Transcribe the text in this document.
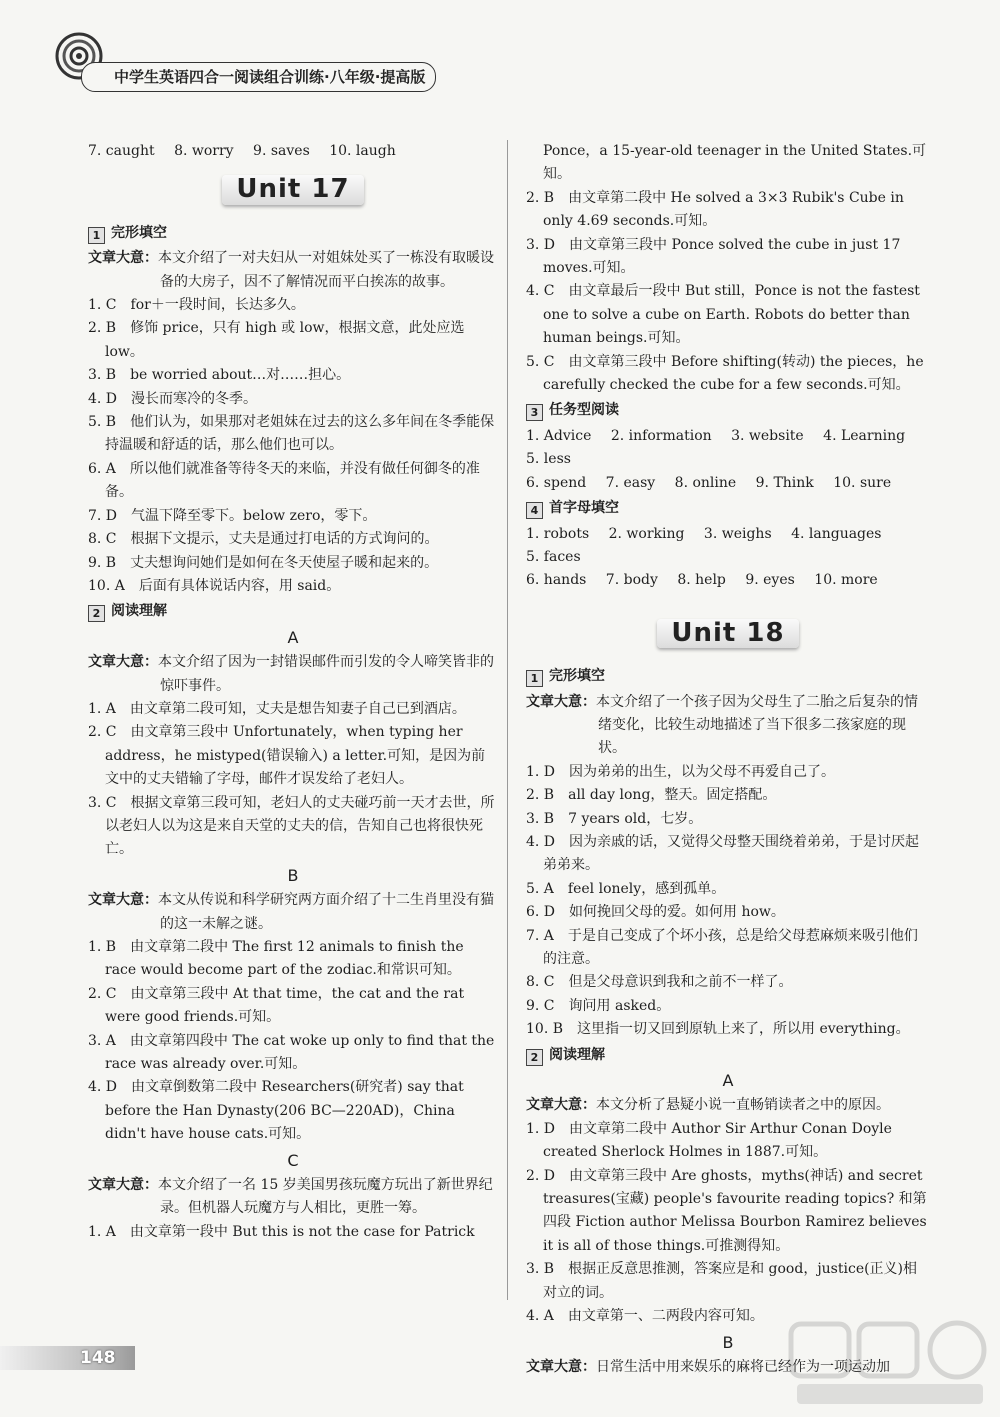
中学生英语四合一阅读组合训练·八年级·提高版

7. caught 8. worry 9. saves 10. laugh

Unit 17
1 完形填空

文章大意：本文介绍了一对夫妇从一对姐妹处买了一栋没有取暖设备的大房子，因不了解情况而平白挨冻的故事。

1. C　for＋一段时间，长达多久。

2. B　修饰 price，只有 high 或 low，根据文意，此处应选 low。

3. B　be worried about…对……担心。

4. D　漫长而寒冷的冬季。

5. B　他们认为，如果那对老姐妹在过去的这么多年间在冬季能保持温暖和舒适的话，那么他们也可以。

6. A　所以他们就准备等待冬天的来临，并没有做任何御冬的准备。

7. D　气温下降至零下。below zero，零下。

8. C　根据下文提示，丈夫是通过打电话的方式询问的。

9. B　丈夫想询问她们是如何在冬天使屋子暖和起来的。

10. A　后面有具体说话内容，用 said。

2 阅读理解
A

文章大意：本文介绍了因为一封错误邮件而引发的令人啼笑皆非的惊吓事件。

1. A　由文章第二段可知，丈夫是想告知妻子自己已到酒店。

2. C　由文章第三段中 Unfortunately，when typing her address，he mistyped(错误输入) a letter.可知，是因为前文中的丈夫错输了字母，邮件才误发给了老妇人。

3. C　根据文章第三段可知，老妇人的丈夫碰巧前一天才去世，所以老妇人以为这是来自天堂的丈夫的信，告知自己也将很快死亡。

B

文章大意：本文从传说和科学研究两方面介绍了十二生肖里没有猫的这一未解之谜。

1. B　由文章第二段中 The first 12 animals to finish the race would become part of the zodiac.和常识可知。

2. C　由文章第三段中 At that time，the cat and the rat were good friends.可知。

3. A　由文章第四段中 The cat woke up only to find that the race was already over.可知。

4. D　由文章倒数第二段中 Researchers(研究者) say that before the Han Dynasty(206 BC—220AD)，China didn't have house cats.可知。

C

文章大意：本文介绍了一名 15 岁美国男孩玩魔方玩出了新世界纪录。但机器人玩魔方与人相比，更胜一筹。

1. A　由文章第一段中 But this is not the case for Patrick

Ponce，a 15-year-old teenager in the United States.可知。

2. B　由文章第二段中 He solved a 3×3 Rubik's Cube in only 4.69 seconds.可知。

3. D　由文章第三段中 Ponce solved the cube in just 17 moves.可知。

4. C　由文章最后一段中 But still，Ponce is not the fastest one to solve a cube on Earth. Robots do better than human beings.可知。

5. C　由文章第三段中 Before shifting(转动) the pieces，he carefully checked the cube for a few seconds.可知。

3 任务型阅读

1. Advice 2. information 3. website 4. Learning 5. less

6. spend 7. easy 8. online 9. Think 10. sure

4 首字母填空

1. robots 2. working 3. weighs 4. languages 5. faces

6. hands 7. body 8. help 9. eyes 10. more

Unit 18
1 完形填空

文章大意：本文介绍了一个孩子因为父母生了二胎之后复杂的情绪变化，比较生动地描述了当下很多二孩家庭的现状。

1. D　因为弟弟的出生，以为父母不再爱自己了。

2. B　all day long，整天。固定搭配。

3. B　7 years old，七岁。

4. D　因为亲戚的话，又觉得父母整天围绕着弟弟，于是讨厌起弟弟来。

5. A　feel lonely，感到孤单。

6. D　如何挽回父母的爱。如何用 how。

7. A　于是自己变成了个坏小孩，总是给父母惹麻烦来吸引他们的注意。

8. C　但是父母意识到我和之前不一样了。

9. C　询问用 asked。

10. B　这里指一切又回到原轨上来了，所以用 everything。

2 阅读理解
A

文章大意：本文分析了悬疑小说一直畅销读者之中的原因。

1. D　由文章第二段中 Author Sir Arthur Conan Doyle created Sherlock Holmes in 1887.可知。

2. D　由文章第三段中 Are ghosts，myths(神话) and secret treasures(宝藏) people's favourite reading topics? 和第四段 Fiction author Melissa Bourbon Ramirez believes it is all of those things.可推测得知。

3. B　根据正反意思推测，答案应是和 good，justice(正义)相对立的词。

4. A　由文章第一、二两段内容可知。

B

文章大意：日常生活中用来娱乐的麻将已经作为一项运动加

148
